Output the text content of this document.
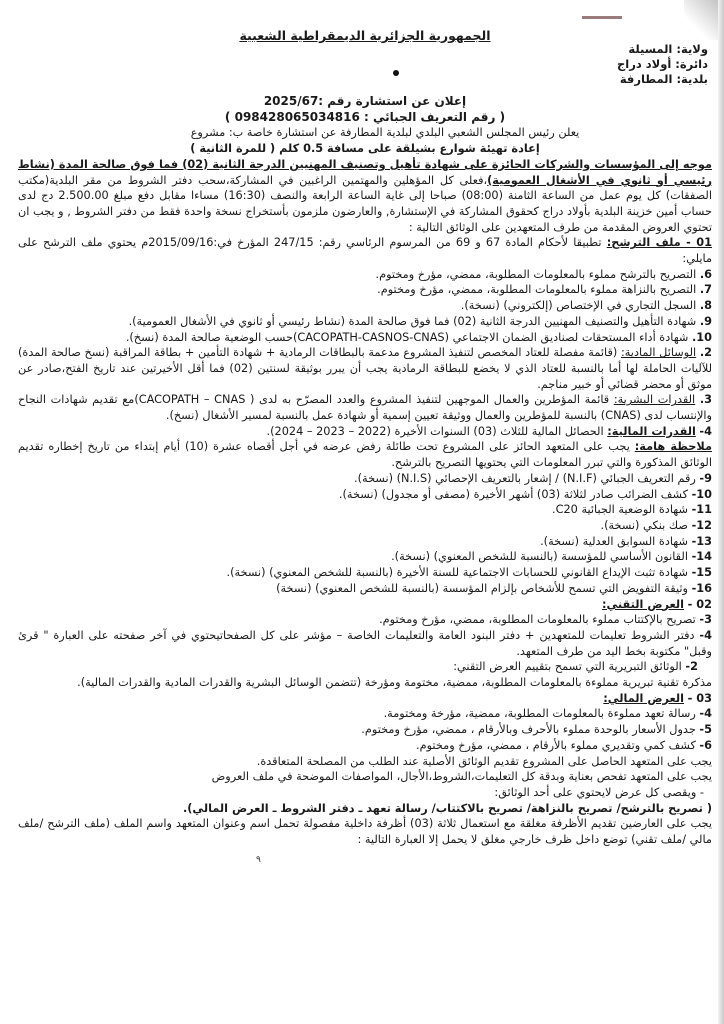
الجمهورية الجزائرية الديمقراطية الشعبية
ولاية: المسيلة
دائرة: أولاد دراج
بلدية: المطارفة
إعلان عن استشارة رقم :2025/67
( رقم التعريف الجبائي : 098428065034816 )
يعلن رئيس المجلس الشعبي البلدي لبلدية المطارفة عن استشارة خاصة ب: مشروع
إعادة تهيئة شوارع بشيلقة على مسافة 0.5 كلم ( للمرة الثانية )
موجه إلى المؤسسات والشركات الحائزة على شهادة تأهيل وتصنيف المهنيين الدرجة الثانية (02) فما فوق صالحة المدة (نشاط رئيسي أو ثانوي في الأشغال العمومية)،فعلى كل المؤهلين والمهتمين الراغبين في المشاركة،سحب دفتر الشروط من مقر البلدية(مكتب الصفقات) كل يوم عمل من الساعة الثامنة (08:00) صباحا إلى غاية الساعة الرابعة والنصف (16:30) مساءا مقابل دفع مبلغ 2.500.00 دج لدى حساب أمين خزينة البلدية بأولاد دراج كحقوق المشاركة في الإستشارة, والعارضون ملزمون بأستخراج نسخة واحدة فقط من دفتر الشروط , و يجب ان تحتوي العروض المقدمة من طرف المتعهدين على الوثائق التالية :
01 - ملف الترشح: تطبيقا لأحكام المادة 67 و 69 من المرسوم الرئاسي رقم: 247/15 المؤرخ في:2015/09/16م يحتوي ملف الترشح على مايلي:
6. التصريح بالترشح مملوء بالمعلومات المطلوبة، ممضي، مؤرخ ومختوم.
7. التصريح بالنزاهة مملوء بالمعلومات المطلوبة، ممضي، مؤرخ ومختوم.
8. السجل التجاري في الإختصاص (إلكتروني) (نسخة).
9. شهادة التأهيل والتصنيف المهنيين الدرجة الثانية (02) فما فوق صالحة المدة (نشاط رئيسي أو ثانوي في الأشغال العمومية).
10. شهادة أداء المستحقات لصناديق الضمان الاجتماعي (CACOPATH-CASNOS-CNAS)حسب الوضعية صالحة المدة (نسخ).
2. الوسائل المادية: (قائمة مفصلة للعتاد المخصص لتنفيذ المشروع مدعمة بالبطاقات الرمادية + شهادة التأمين + بطاقة المراقبة (نسخ صالحة المدة) للآليات الحاملة لها أما بالنسبة للعتاد الذي لا يخضع للبطاقة الرمادية يجب أن يبرر بوثيقة لسنتين (02) فما أقل الأخيرتين عند تاريخ الفتح،صادر عن موثق أو محضر قضائي أو خبير مناجم.
3. القدرات البشرية: قائمة المؤطرين والعمال الموجهين لتنفيذ المشروع والعدد المصرّح به لدى ( CACOPATH – CNAS)مع تقديم شهادات النجاح والإنتساب لدى (CNAS) بالنسبة للمؤطرين والعمال ووثيقة تعيين إسمية أو شهادة عمل بالنسبة لمسير الأشغال (نسخ).
4- القدرات المالية: الحصائل المالية للثلاث (03) السنوات الأخيرة (2022 – 2023 – 2024).
ملاحظة هامة: يجب على المتعهد الحائز على المشروع تحت طائلة رفض عرضه في أجل أقصاه عشرة (10) أيام إبتداء من تاريخ إخطاره تقديم الوثائق المذكورة والتي تبرر المعلومات التي يحتويها التصريح بالترشح.
9- رقم التعريف الجبائي (N.I.F) / إشعار بالتعريف الإحصائي (N.I.S) (نسخة).
10- كشف الضرائب صادر لثلاثة (03) أشهر الأخيرة (مصفى أو مجدول) (نسخة).
11- شهادة الوضعية الجبائية C20.
12- صك بنكي (نسخة).
13- شهادة السوابق العدلية (نسخة).
14- القانون الأساسي للمؤسسة (بالنسبة للشخص المعنوي) (نسخة).
15- شهادة تثبت الإيداع القانوني للحسابات الاجتماعية للسنة الأخيرة (بالنسبة للشخص المعنوي) (نسخة).
16- وثيقة التفويض التي تسمح للأشخاص بإلزام المؤسسة (بالنسبة للشخص المعنوي) (نسخة)
02 - العرض التقني:
3- تصريح بالإكتتاب مملوء بالمعلومات المطلوبة، ممضي، مؤرخ ومختوم.
4- دفتر الشروط تعليمات للمتعهدين + دفتر البنود العامة والتعليمات الخاصة – مؤشر على كل الصفحاتيحتوي في آخر صفحته على العبارة " قرئ وقبل" مكتوبة بخط اليد من طرف المتعهد.
2- الوثائق التبريرية التي تسمح بتقييم العرض التقني:
مذكرة تقنية تبريرية مملوءة بالمعلومات المطلوبة، ممضية، مختومة ومؤرخة (تتضمن الوسائل البشرية والقدرات المادية والقدرات المالية).
03 - العرض المالي:
4- رسالة تعهد مملوءة بالمعلومات المطلوبة، ممضية، مؤرخة ومختومة.
5- جدول الأسعار بالوحدة مملوء بالأحرف وبالأرقام ، ممضي، مؤرخ ومختوم.
6- كشف كمي وتقديري مملوء بالأرقام ، ممضي، مؤرخ ومختوم.
يجب على المتعهد الحاصل على المشروع تقديم الوثائق الأصلية عند الطلب من المصلحة المتعاقدة.
يجب على المتعهد تفحص بعناية وبدقة كل التعليمات،الشروط،الأجال، المواصفات الموضحة في ملف العروض
- ويقصى كل عرض لايحتوي على أحد الوثائق:
( تصريح بالترشح/ تصريح بالنزاهة/ تصريح بالاكتتاب/ رسالة تعهد ـ دفتر الشروط ـ العرض المالي).
يجب على العارضين تقديم الأظرفة مغلقة مع استعمال ثلاثة (03) أظرفة داخلية مفصولة تحمل اسم وعنوان المتعهد واسم الملف (ملف الترشح /ملف مالي /ملف تقني) توضع داخل ظرف خارجي مغلق لا يحمل إلا العبارة التالية :
٩
